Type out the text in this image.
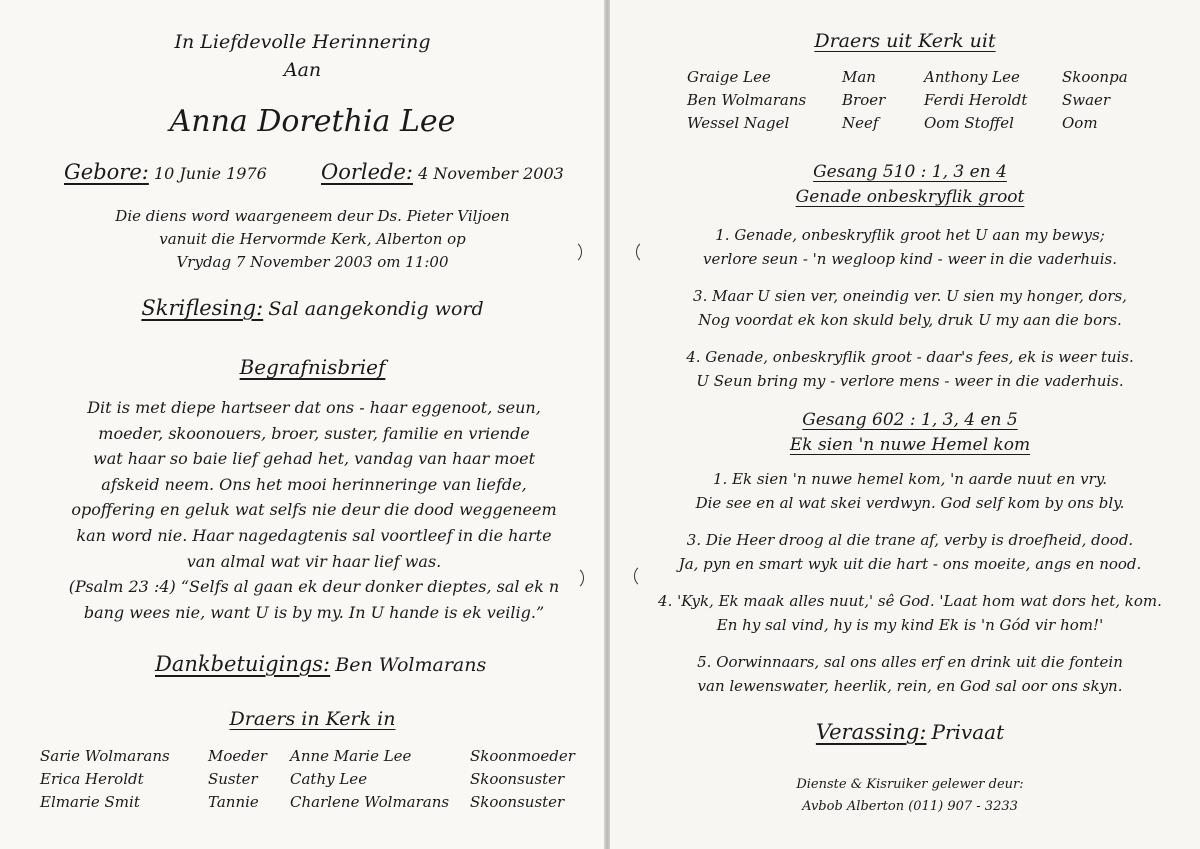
In Liefdevolle Herinnering
Aan
Anna Dorethia Lee
Gebore: 10 Junie 1976	Oorlede: 4 November 2003
Die diens word waargeneem deur Ds. Pieter Viljoen
vanuit die Hervormde Kerk, Alberton op
Vrydag 7 November 2003 om 11:00
Skriflesing: Sal aangekondig word
Begrafnisbrief
Dit is met diepe hartseer dat ons - haar eggenoot, seun,
moeder, skoonouers, broer, suster, familie en vriende
wat haar so baie lief gehad het, vandag van haar moet
afskeid neem. Ons het mooi herinneringe van liefde,
opoffering en geluk wat selfs nie deur die dood weggeneem
kan word nie. Haar nagedagtenis sal voortleef in die harte
van almal wat vir haar lief was.
(Psalm 23 :4) “Selfs al gaan ek deur donker dieptes, sal ek n
bang wees nie, want U is by my. In U hande is ek veilig.”
Dankbetuigings: Ben Wolmarans
Draers in Kerk in
Sarie Wolmarans	Moeder	Anne Marie Lee	Skoonmoeder
Erica Heroldt	Suster	Cathy Lee	Skoonsuster
Elmarie Smit	Tannie	Charlene Wolmarans	Skoonsuster
Draers uit Kerk uit
Graige Lee	Man	Anthony Lee	Skoonpa
Ben Wolmarans	Broer	Ferdi Heroldt	Swaer
Wessel Nagel	Neef	Oom Stoffel	Oom
Gesang 510 : 1, 3 en 4
Genade onbeskryflik groot
1. Genade, onbeskryflik groot het U aan my bewys;
verlore seun - 'n wegloop kind - weer in die vaderhuis.
3. Maar U sien ver, oneindig ver. U sien my honger, dors,
Nog voordat ek kon skuld bely, druk U my aan die bors.
4. Genade, onbeskryflik groot - daar's fees, ek is weer tuis.
U Seun bring my - verlore mens - weer in die vaderhuis.
Gesang 602 : 1, 3, 4 en 5
Ek sien 'n nuwe Hemel kom
1. Ek sien 'n nuwe hemel kom, 'n aarde nuut en vry.
Die see en al wat skei verdwyn. God self kom by ons bly.
3. Die Heer droog al die trane af, verby is droefheid, dood.
Ja, pyn en smart wyk uit die hart - ons moeite, angs en nood.
4. 'Kyk, Ek maak alles nuut,' sê God. 'Laat hom wat dors het, kom.
En hy sal vind, hy is my kind Ek is 'n Gód vir hom!'
5. Oorwinnaars, sal ons alles erf en drink uit die fontein
van lewenswater, heerlik, rein, en God sal oor ons skyn.
Verassing: Privaat
Dienste & Kisruiker gelewer deur:
Avbob Alberton (011) 907 - 3233
